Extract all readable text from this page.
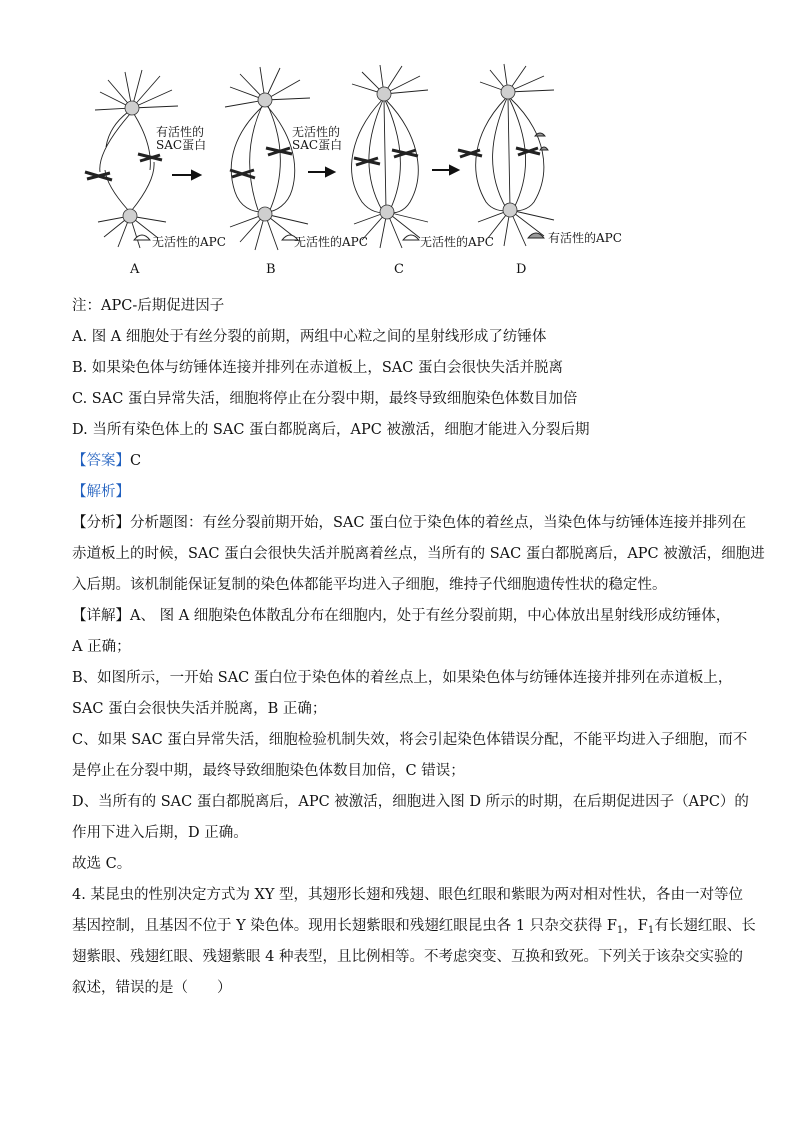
有活性的
SAC蛋白
无活性的
SAC蛋白
无活性的APC	无活性的APC	无活性的APC	有活性的APC
A	B	C	D
注：APC-后期促进因子
A. 图 A 细胞处于有丝分裂的前期，两组中心粒之间的星射线形成了纺锤体
B. 如果染色体与纺锤体连接并排列在赤道板上，SAC 蛋白会很快失活并脱离
C. SAC 蛋白异常失活，细胞将停止在分裂中期，最终导致细胞染色体数目加倍
D. 当所有染色体上的 SAC 蛋白都脱离后，APC 被激活，细胞才能进入分裂后期
【答案】C
【解析】
【分析】分析题图：有丝分裂前期开始，SAC 蛋白位于染色体的着丝点，当染色体与纺锤体连接并排列在
赤道板上的时候，SAC 蛋白会很快失活并脱离着丝点，当所有的 SAC 蛋白都脱离后，APC 被激活，细胞进
入后期。该机制能保证复制的染色体都能平均进入子细胞，维持子代细胞遗传性状的稳定性。
【详解】A、 图 A 细胞染色体散乱分布在细胞内，处于有丝分裂前期，中心体放出星射线形成纺锤体，
A 正确；
B、如图所示，一开始 SAC 蛋白位于染色体的着丝点上，如果染色体与纺锤体连接并排列在赤道板上，
SAC 蛋白会很快失活并脱离，B 正确；
C、如果 SAC 蛋白异常失活，细胞检验机制失效，将会引起染色体错误分配，不能平均进入子细胞，而不
是停止在分裂中期，最终导致细胞染色体数目加倍，C 错误；
D、当所有的 SAC 蛋白都脱离后，APC 被激活，细胞进入图 D 所示的时期，在后期促进因子（APC）的
作用下进入后期，D 正确。
故选 C。
4. 某昆虫的性别决定方式为 XY 型，其翅形长翅和残翅、眼色红眼和紫眼为两对相对性状，各由一对等位
基因控制，且基因不位于 Y 染色体。现用长翅紫眼和残翅红眼昆虫各 1 只杂交获得 $F_1$，$F_1$有长翅红眼、长
翅紫眼、残翅红眼、残翅紫眼 4 种表型，且比例相等。不考虑突变、互换和致死。下列关于该杂交实验的
叙述，错误的是（　　）
